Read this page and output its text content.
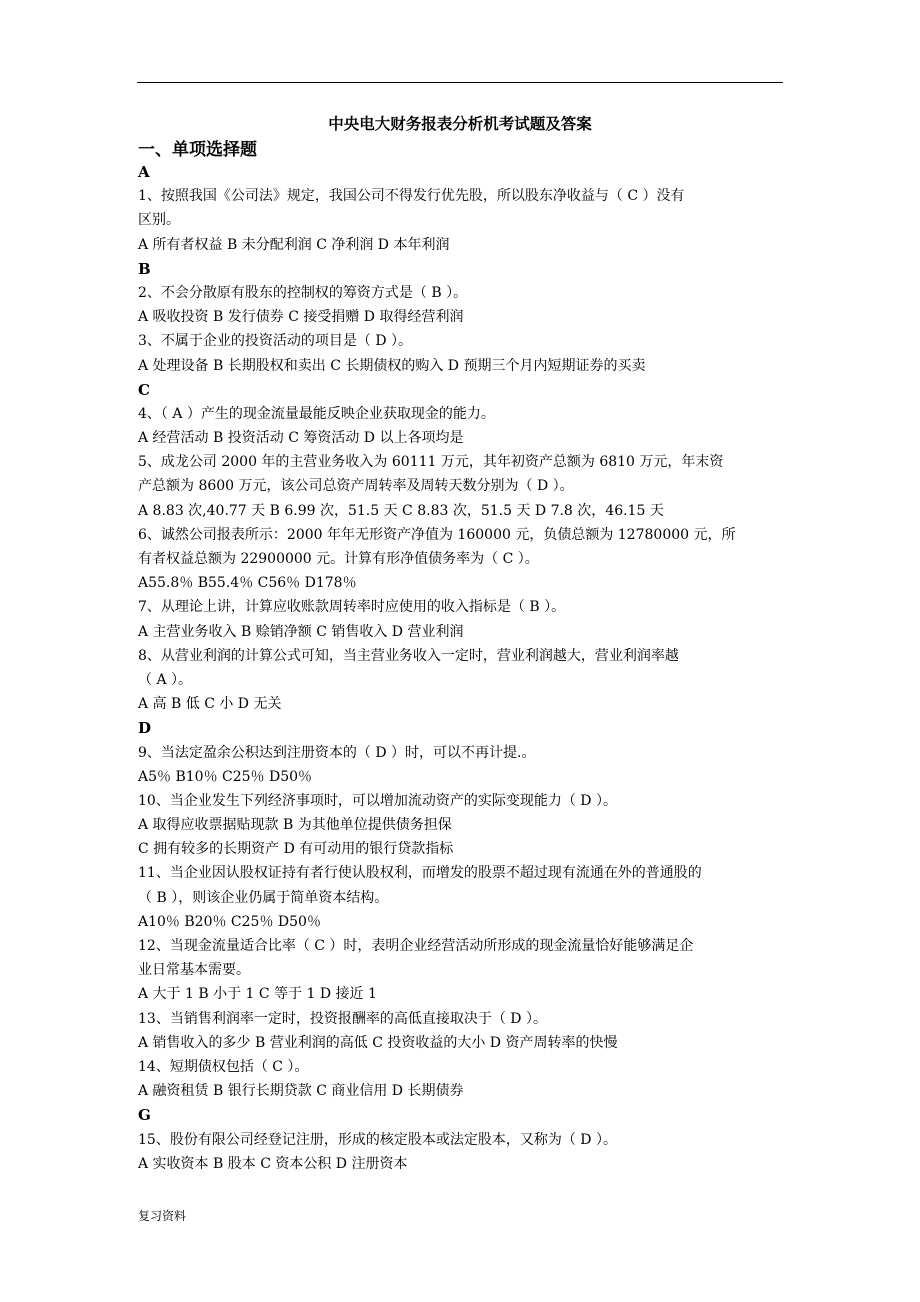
中央电大财务报表分析机考试题及答案
一、单项选择题
A
1、按照我国《公司法》规定，我国公司不得发行优先股，所以股东净收益与（ C ）没有
区别。
A 所有者权益 B 未分配利润 C 净利润 D 本年利润
B
2、不会分散原有股东的控制权的筹资方式是（ B ）。
A 吸收投资 B 发行债券 C 接受捐赠 D 取得经营利润
3、不属于企业的投资活动的项目是（ D ）。
A 处理设备 B 长期股权和卖出 C 长期债权的购入 D 预期三个月内短期证券的买卖
C
4、（ A ）产生的现金流量最能反映企业获取现金的能力。
A 经营活动 B 投资活动 C 筹资活动 D 以上各项均是
5、成龙公司 2000 年的主营业务收入为 60111 万元，其年初资产总额为 6810 万元，年末资
产总额为 8600 万元，该公司总资产周转率及周转天数分别为（ D ）。
A 8.83 次,40.77 天 B 6.99 次，51.5 天 C 8.83 次，51.5 天 D 7.8 次，46.15 天
6、诚然公司报表所示：2000 年年无形资产净值为 160000 元，负债总额为 12780000 元，所
有者权益总额为 22900000 元。计算有形净值债务率为（ C ）。
A55.8％ B55.4％ C56％ D178％
7、从理论上讲，计算应收账款周转率时应使用的收入指标是（ B ）。
A 主营业务收入 B 赊销净额 C 销售收入 D 营业利润
8、从营业利润的计算公式可知，当主营业务收入一定时，营业利润越大，营业利润率越
（ A ）。
A 高 B 低 C 小 D 无关
D
9、当法定盈余公积达到注册资本的（ D ）时，可以不再计提.。
A5％ B10％ C25％ D50％
10、当企业发生下列经济事项时，可以增加流动资产的实际变现能力（ D ）。
A 取得应收票据贴现款 B 为其他单位提供债务担保
C 拥有较多的长期资产 D 有可动用的银行贷款指标
11、当企业因认股权证持有者行使认股权利，而增发的股票不超过现有流通在外的普通股的
（ B ），则该企业仍属于简单资本结构。
A10％ B20％ C25％ D50％
12、当现金流量适合比率（ C ）时，表明企业经营活动所形成的现金流量恰好能够满足企
业日常基本需要。
A 大于 1 B 小于 1 C 等于 1 D 接近 1
13、当销售利润率一定时，投资报酬率的高低直接取决于（ D ）。
A 销售收入的多少 B 营业利润的高低 C 投资收益的大小 D 资产周转率的快慢
14、短期债权包括（ C ）。
A 融资租赁 B 银行长期贷款 C 商业信用 D 长期债券
G
15、股份有限公司经登记注册，形成的核定股本或法定股本，又称为（ D ）。
A 实收资本 B 股本 C 资本公积 D 注册资本
复习资料
